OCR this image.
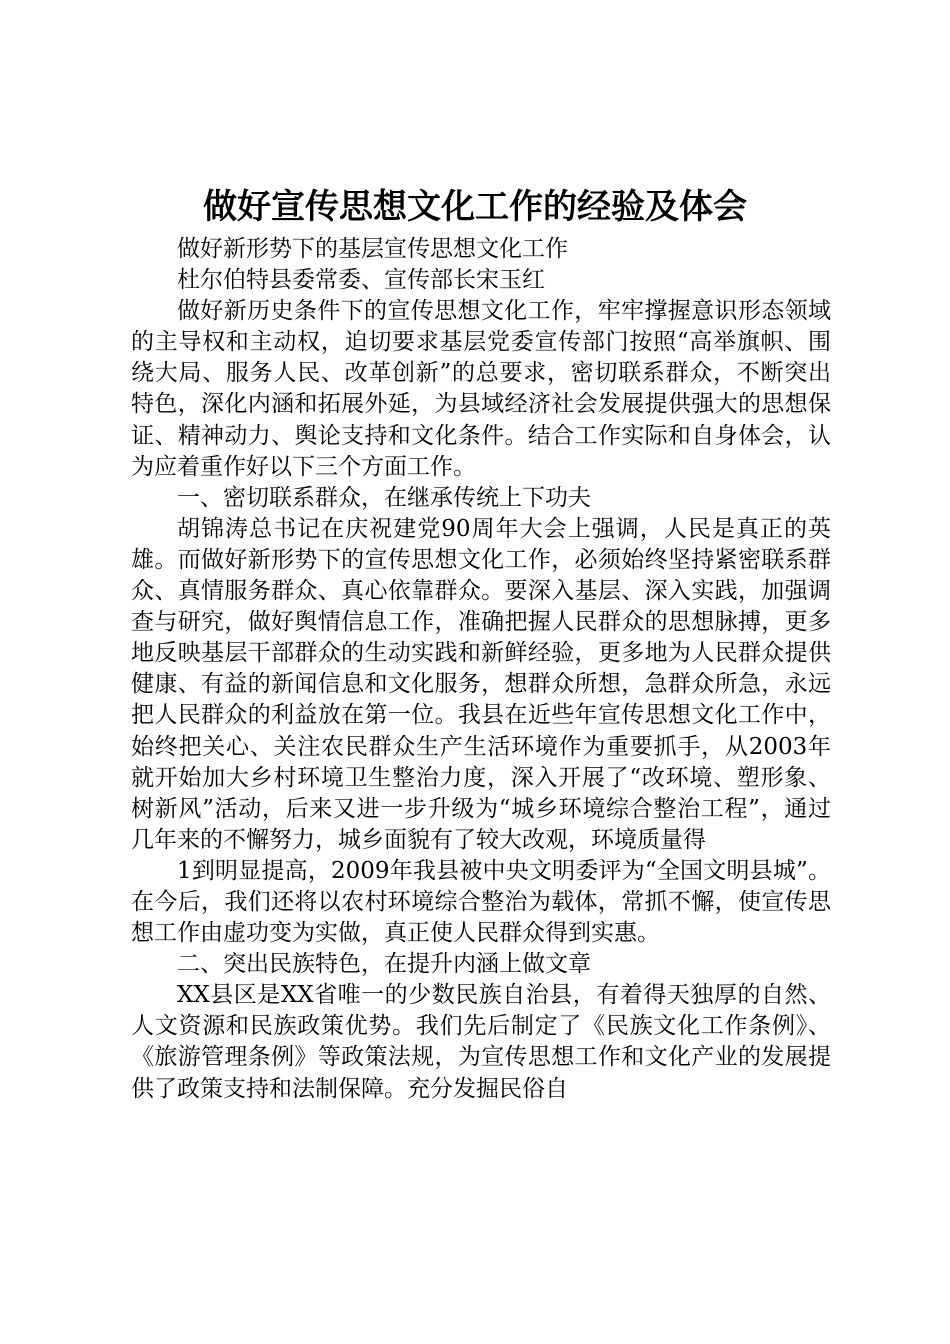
做好宣传思想文化工作的经验及体会

做好新形势下的基层宣传思想文化工作

杜尔伯特县委常委、宣传部长宋玉红

做好新历史条件下的宣传思想文化工作，牢牢撑握意识形态领域的主导权和主动权，迫切要求基层党委宣传部门按照“高举旗帜、围绕大局、服务人民、改革创新”的总要求，密切联系群众，不断突出特色，深化内涵和拓展外延，为县域经济社会发展提供强大的思想保证、精神动力、舆论支持和文化条件。结合工作实际和自身体会，认为应着重作好以下三个方面工作。

一、密切联系群众，在继承传统上下功夫

胡锦涛总书记在庆祝建党90周年大会上强调，人民是真正的英雄。而做好新形势下的宣传思想文化工作，必须始终坚持紧密联系群众、真情服务群众、真心依靠群众。要深入基层、深入实践，加强调查与研究，做好舆情信息工作，准确把握人民群众的思想脉搏，更多地反映基层干部群众的生动实践和新鲜经验，更多地为人民群众提供健康、有益的新闻信息和文化服务，想群众所想，急群众所急，永远把人民群众的利益放在第一位。我县在近些年宣传思想文化工作中，始终把关心、关注农民群众生产生活环境作为重要抓手，从2003年就开始加大乡村环境卫生整治力度，深入开展了“改环境、塑形象、树新风”活动，后来又进一步升级为“城乡环境综合整治工程”，通过几年来的不懈努力，城乡面貌有了较大改观，环境质量得

1到明显提高，2009年我县被中央文明委评为“全国文明县城”。在今后，我们还将以农村环境综合整治为载体，常抓不懈，使宣传思想工作由虚功变为实做，真正使人民群众得到实惠。

二、突出民族特色，在提升内涵上做文章

XX县区是XX省唯一的少数民族自治县，有着得天独厚的自然、人文资源和民族政策优势。我们先后制定了《民族文化工作条例》、《旅游管理条例》等政策法规，为宣传思想工作和文化产业的发展提供了政策支持和法制保障。充分发掘民俗自
